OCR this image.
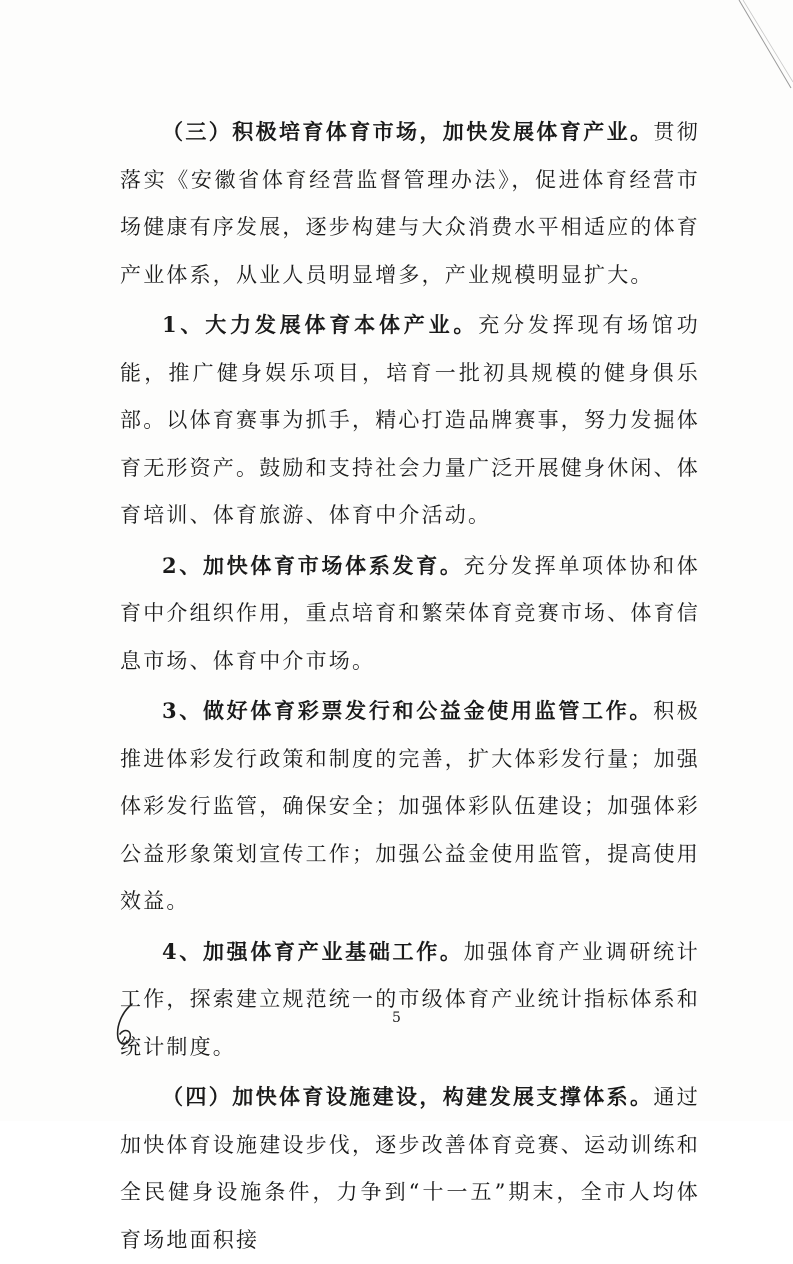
（三）积极培育体育市场，加快发展体育产业。贯彻落实《安徽省体育经营监督管理办法》，促进体育经营市场健康有序发展，逐步构建与大众消费水平相适应的体育产业体系，从业人员明显增多，产业规模明显扩大。

1、大力发展体育本体产业。充分发挥现有场馆功能，推广健身娱乐项目，培育一批初具规模的健身俱乐部。以体育赛事为抓手，精心打造品牌赛事，努力发掘体育无形资产。鼓励和支持社会力量广泛开展健身休闲、体育培训、体育旅游、体育中介活动。

2、加快体育市场体系发育。充分发挥单项体协和体育中介组织作用，重点培育和繁荣体育竞赛市场、体育信息市场、体育中介市场。

3、做好体育彩票发行和公益金使用监管工作。积极推进体彩发行政策和制度的完善，扩大体彩发行量；加强体彩发行监管，确保安全；加强体彩队伍建设；加强体彩公益形象策划宣传工作；加强公益金使用监管，提高使用效益。

4、加强体育产业基础工作。加强体育产业调研统计工作，探索建立规范统一的市级体育产业统计指标体系和统计制度。

（四）加快体育设施建设，构建发展支撑体系。通过加快体育设施建设步伐，逐步改善体育竞赛、运动训练和全民健身设施条件，力争到“十一五”期末，全市人均体育场地面积接

5
